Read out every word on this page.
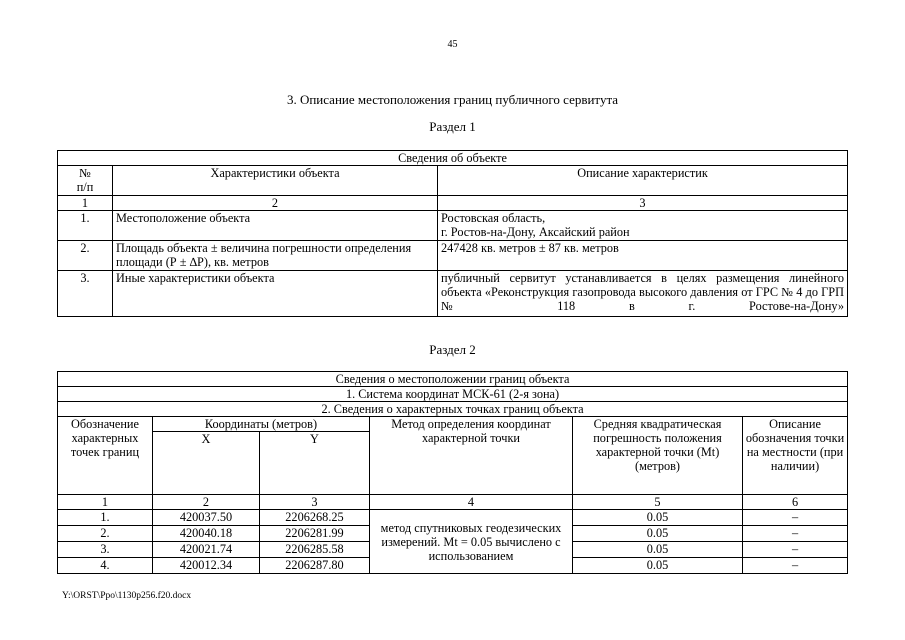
45
3. Описание местоположения границ публичного сервитута
Раздел 1
Сведения об объекте		
№
п/п	Характеристики объекта	Описание характеристик
1	2	3
1.	Местоположение объекта	Ростовская область,
г. Ростов-на-Дону, Аксайский район
2.	Площадь объекта ± величина погрешности определения площади (Р ± ∆Р), кв. метров	247428 кв. метров ± 87 кв. метров
3.	Иные характеристики объекта	публичный сервитут устанавливается в целях размещения линейного объекта «Реконструкция газопровода высокого давления от ГРС № 4 до ГРП № 118 в г. Ростове-на-Дону»
Раздел 2
Сведения о местоположении границ объекта					
1. Система координат МСК-61 (2-я зона)					
2. Сведения о характерных точках границ объекта					
Обозначение характерных точек границ	Координаты (метров)		Метод определения координат характерной точки	Средняя квадратическая погрешность положения характерной точки (Mt) (метров)	Описание обозначения точки на местности (при наличии)
	X	Y			
1	2	3	4	5	6
1.	420037.50	2206268.25	метод спутниковых геодезических измерений. Mt = 0.05 вычислено с использованием	0.05	–
2.	420040.18	2206281.99		0.05	–
3.	420021.74	2206285.58		0.05	–
4.	420012.34	2206287.80		0.05	–
Y:\ORST\Ppo\1130p256.f20.docx
